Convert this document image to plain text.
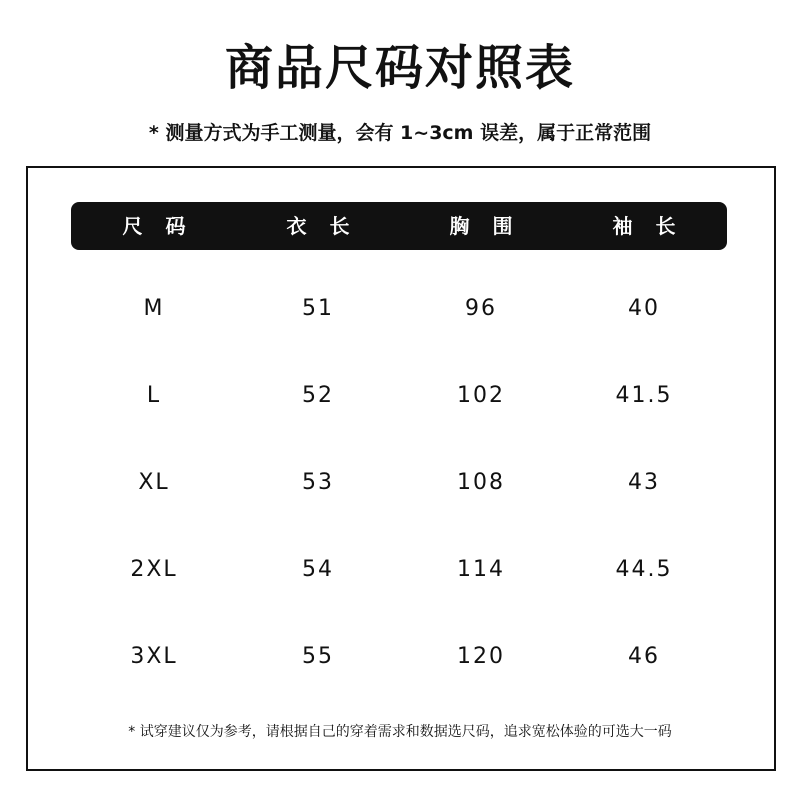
商品尺码对照表
* 测量方式为手工测量，会有 1~3cm 误差，属于正常范围
尺 码	衣 长	胸 围	袖 长
M	51	96	40
L	52	102	41.5
XL	53	108	43
2XL	54	114	44.5
3XL	55	120	46
* 试穿建议仅为参考，请根据自己的穿着需求和数据选尺码，追求宽松体验的可选大一码
